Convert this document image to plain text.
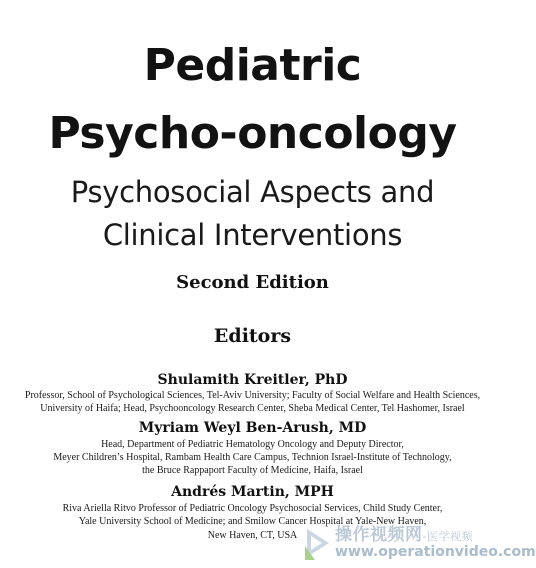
Pediatric
Psycho-oncology
Psychosocial Aspects and
Clinical Interventions
Second Edition
Editors
Shulamith Kreitler, PhD
Professor, School of Psychological Sciences, Tel-Aviv University; Faculty of Social Welfare and Health Sciences,
University of Haifa; Head, Psychooncology Research Center, Sheba Medical Center, Tel Hashomer, Israel
Myriam Weyl Ben-Arush, MD
Head, Department of Pediatric Hematology Oncology and Deputy Director,
Meyer Children’s Hospital, Rambam Health Care Campus, Technion Israel-Institute of Technology,
the Bruce Rappaport Faculty of Medicine, Haifa, Israel
Andrés Martin, MPH
Riva Ariella Ritvo Professor of Pediatric Oncology Psychosocial Services, Child Study Center,
Yale University School of Medicine; and Smilow Cancer Hospital at Yale-New Haven,
New Haven, CT, USA	操作视频网-医学视频
www.operationvideo.com
